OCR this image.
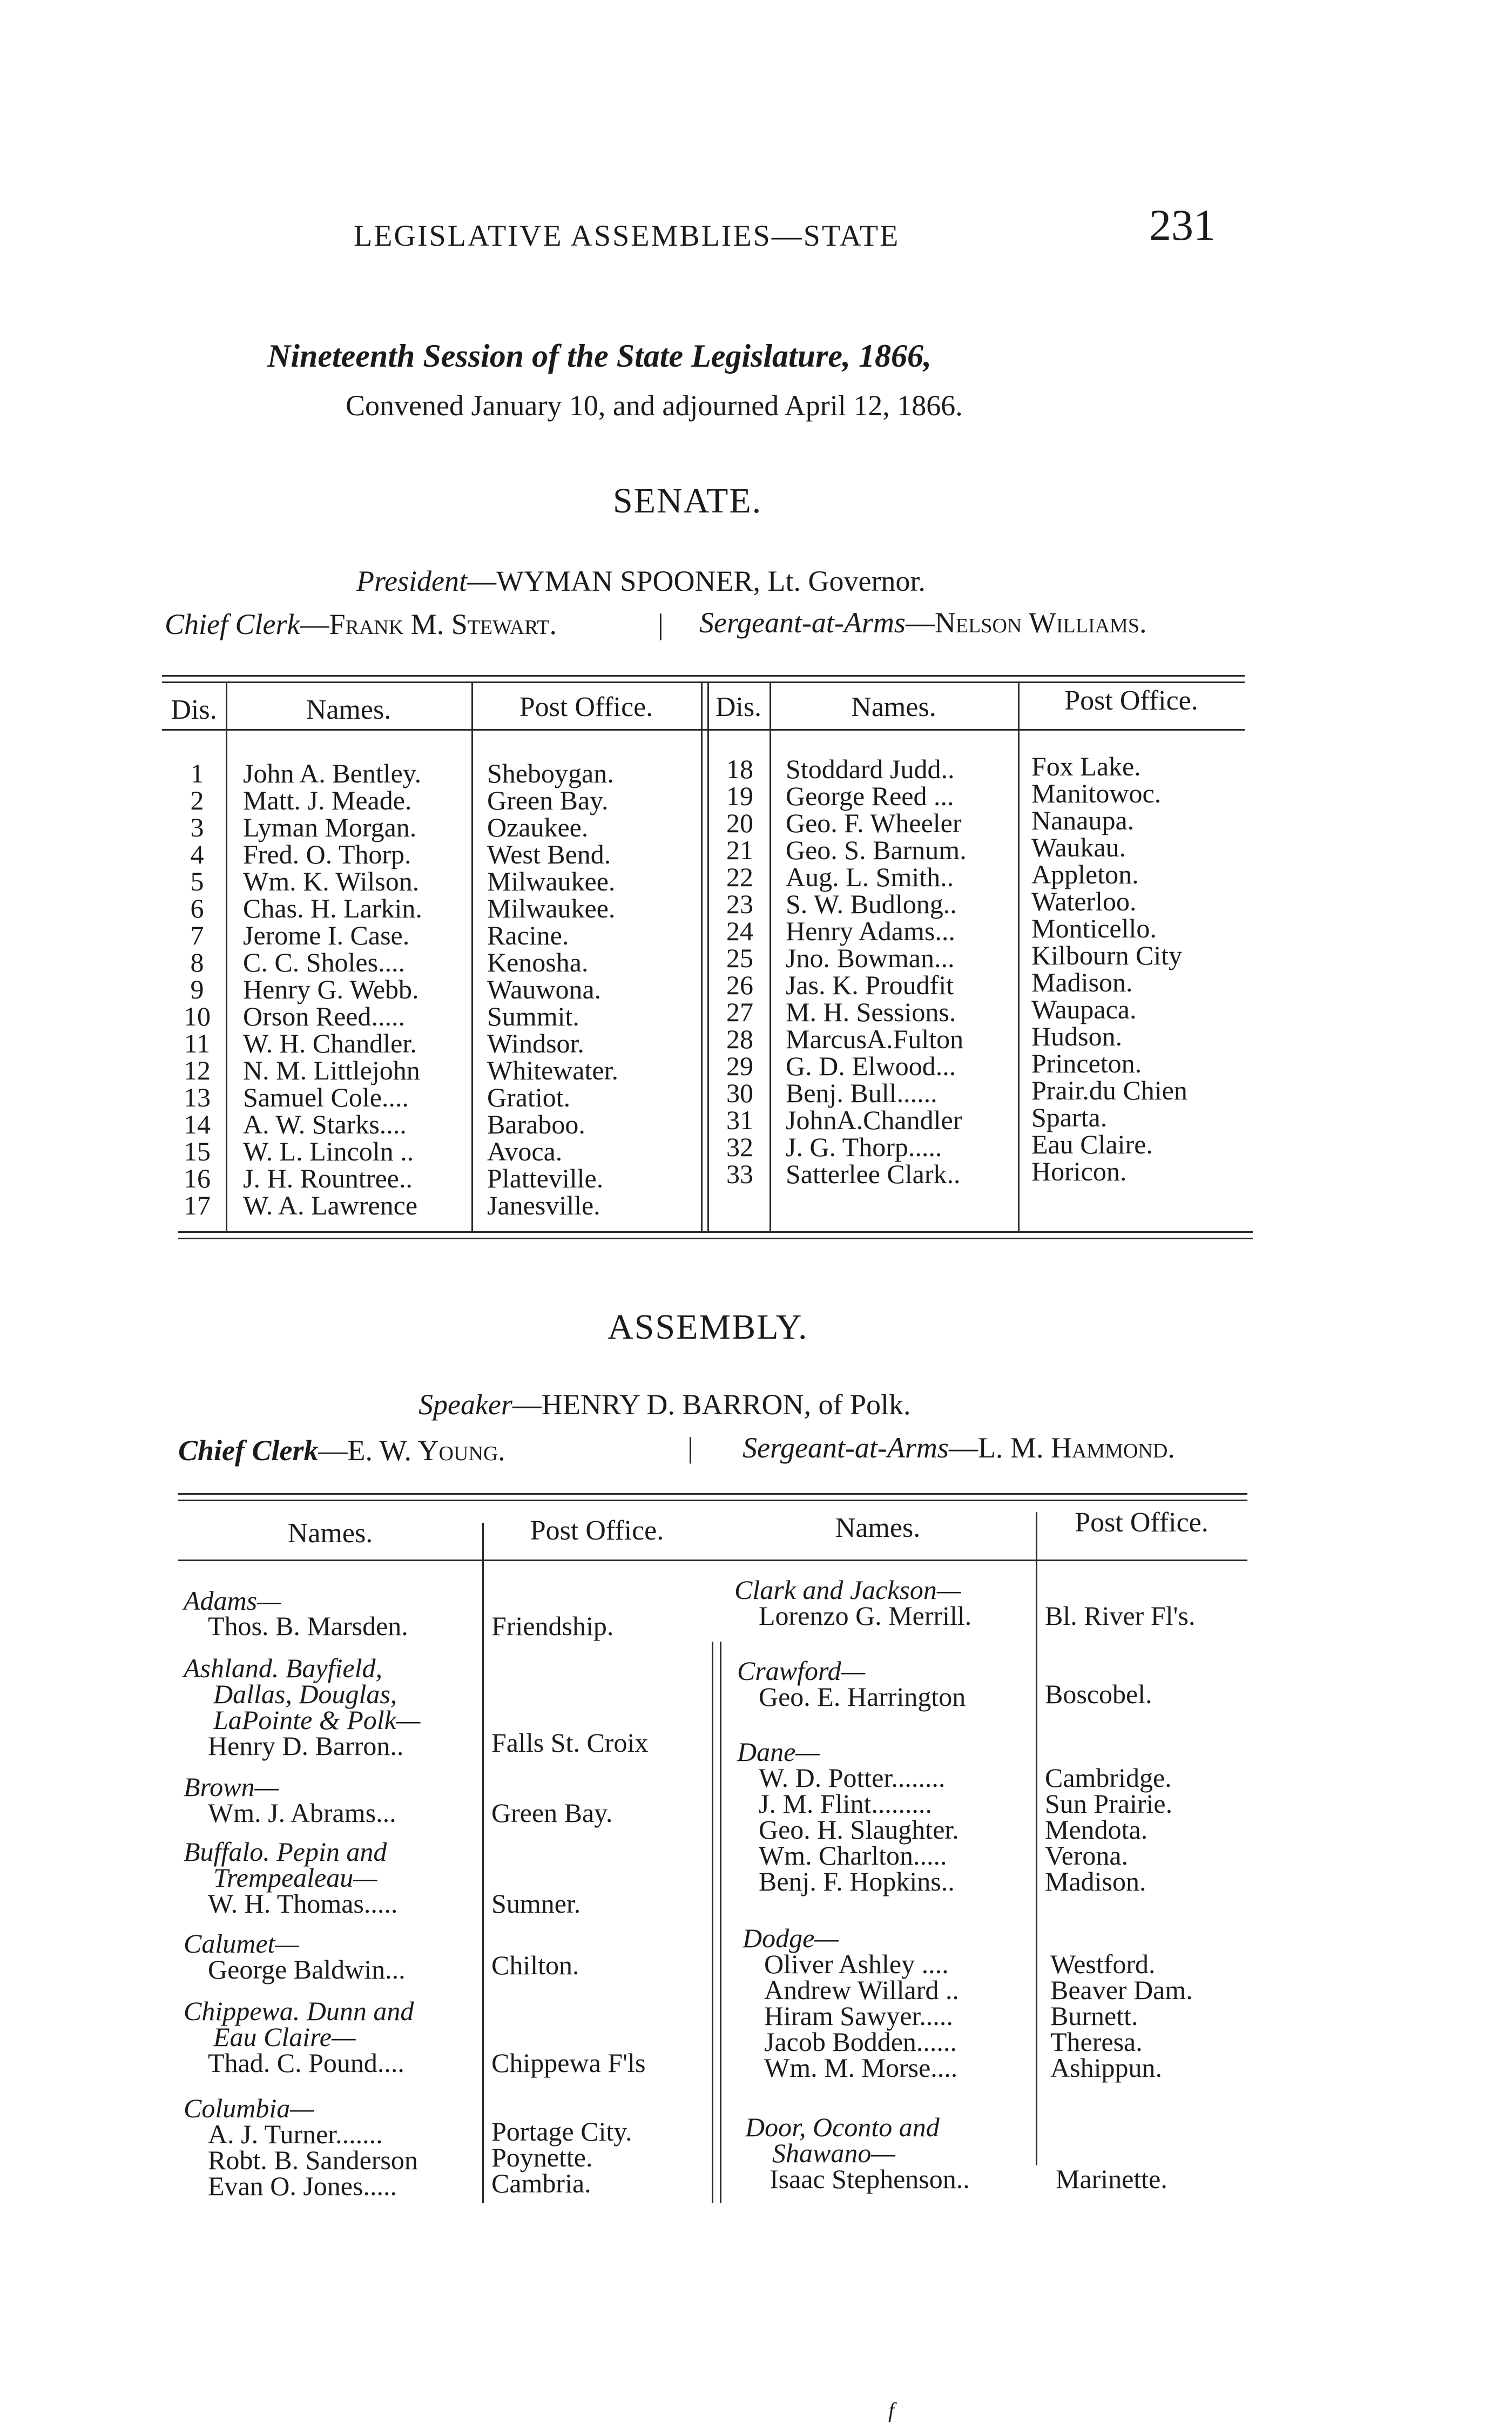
LEGISLATIVE ASSEMBLIES—STATE	231
Nineteenth Session of the State Legislature, 1866,
Convened January 10, and adjourned April 12, 1866.
SENATE.
President—WYMAN SPOONER, Lt. Governor.
Chief Clerk—Frank M. Stewart.	| Sergeant-at-Arms—Nelson Williams.
Dis.	Names.	Post Office.	Dis.	Names.	Post Office.
1	John A. Bentley. Sheboygan.
2	Matt. J. Meade.	Green Bay.
3	Lyman Morgan.	Ozaukee.
4	Fred. O. Thorp.	West Bend.
5	Wm. K. Wilson.	Milwaukee.
6	Chas. H. Larkin. Milwaukee.
7	Jerome I. Case.	Racine.
8	C. C. Sholes....	Kenosha.
9	Henry G. Webb.	Wauwona.
10 Orson Reed.....	Summit.
11 W. H. Chandler.	Windsor.
12 N. M. Littlejohn Whitewater.
13 Samuel Cole....	Gratiot.
14 A. W. Starks....	Baraboo.
15 W. L. Lincoln ..	Avoca.
16 J. H. Rountree..	Platteville.
17 W. A. Lawrence	Janesville.
18 Stoddard Judd..	Fox Lake.
19 George Reed ...	Manitowoc.
20 Geo. F. Wheeler	Nanaupa.
21 Geo. S. Barnum. Waukau.
22 Aug. L. Smith..	Appleton.
23 S. W. Budlong..	Waterloo.
24 Henry Adams...	Monticello.
25 Jno. Bowman...	Kilbourn City
26 Jas. K. Proudfit	Madison.
27 M. H. Sessions.	Waupaca.
28 MarcusA.Fulton	Hudson.
29 G. D. Elwood...	Princeton.
30 Benj. Bull......	Prair.du Chien
31 JohnA.Chandler	Sparta.
32 J. G. Thorp.....	Eau Claire.
33 Satterlee Clark..	Horicon.
ASSEMBLY.
Speaker—HENRY D. BARRON, of Polk.
Chief Clerk—E. W. Young.	| Sergeant-at-Arms—L. M. Hammond.
Names.	Post Office.	Names.	Post Office.
Adams—
Thos. B. Marsden.	Friendship.
Ashland. Bayfield,
Dallas, Douglas,
LaPointe & Polk—
Henry D. Barron..	Falls St. Croix
Brown—
Wm. J. Abrams...	Green Bay.
Buffalo. Pepin and
Trempealeau—
W. H. Thomas.....	Sumner.
Calumet—
George Baldwin...	Chilton.
Chippewa. Dunn and
Eau Claire—
Thad. C. Pound....	Chippewa F'ls
Columbia—
A. J. Turner.......	Portage City.
Robt. B. Sanderson	Poynette.
Evan O. Jones.....	Cambria.
Clark and Jackson—
Lorenzo G. Merrill.	Bl. River Fl's.
Crawford—
Geo. E. Harrington	Boscobel.
Dane—
W. D. Potter........	Cambridge.
J. M. Flint.........	Sun Prairie.
Geo. H. Slaughter.	Mendota.
Wm. Charlton.....	Verona.
Benj. F. Hopkins..	Madison.
Dodge—
Oliver Ashley ....	Westford.
Andrew Willard ..	Beaver Dam.
Hiram Sawyer.....	Burnett.
Jacob Bodden......	Theresa.
Wm. M. Morse....	Ashippun.
Door, Oconto and
Shawano—
Isaac Stephenson..	Marinette.
f
